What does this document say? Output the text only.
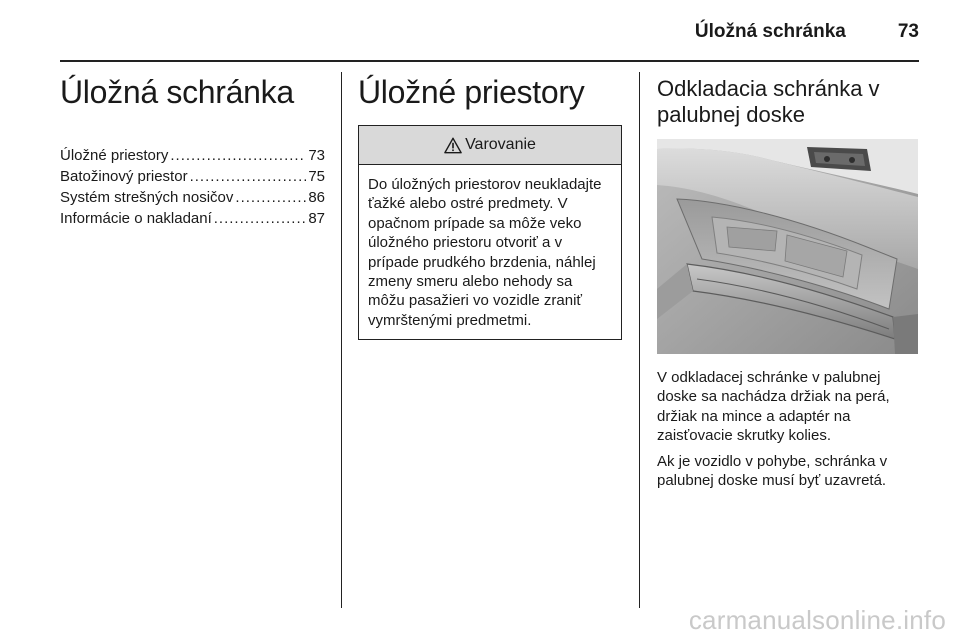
Úložná schránka	73
Úložná schránka
Úložné priestory .....	73
Batožinový priestor .....	75
Systém strešných nosičov .....	86
Informácie o nakladaní .....	87
Úložné priestory
Varovanie
Do úložných priestorov neukladajte ťažké alebo ostré predmety. V opačnom prípade sa môže veko úložného priestoru otvoriť a v prípade prudkého brzdenia, náhlej zmeny smeru alebo nehody sa môžu pasažieri vo vozidle zraniť vymrštenými predmetmi.
Odkladacia schránka v palubnej doske

V odkladacej schránke v palubnej doske sa nachádza držiak na perá, držiak na mince a adaptér na zaisťovacie skrutky kolies.

Ak je vozidlo v pohybe, schránka v palubnej doske musí byť uzavretá.

carmanualsonline.info
